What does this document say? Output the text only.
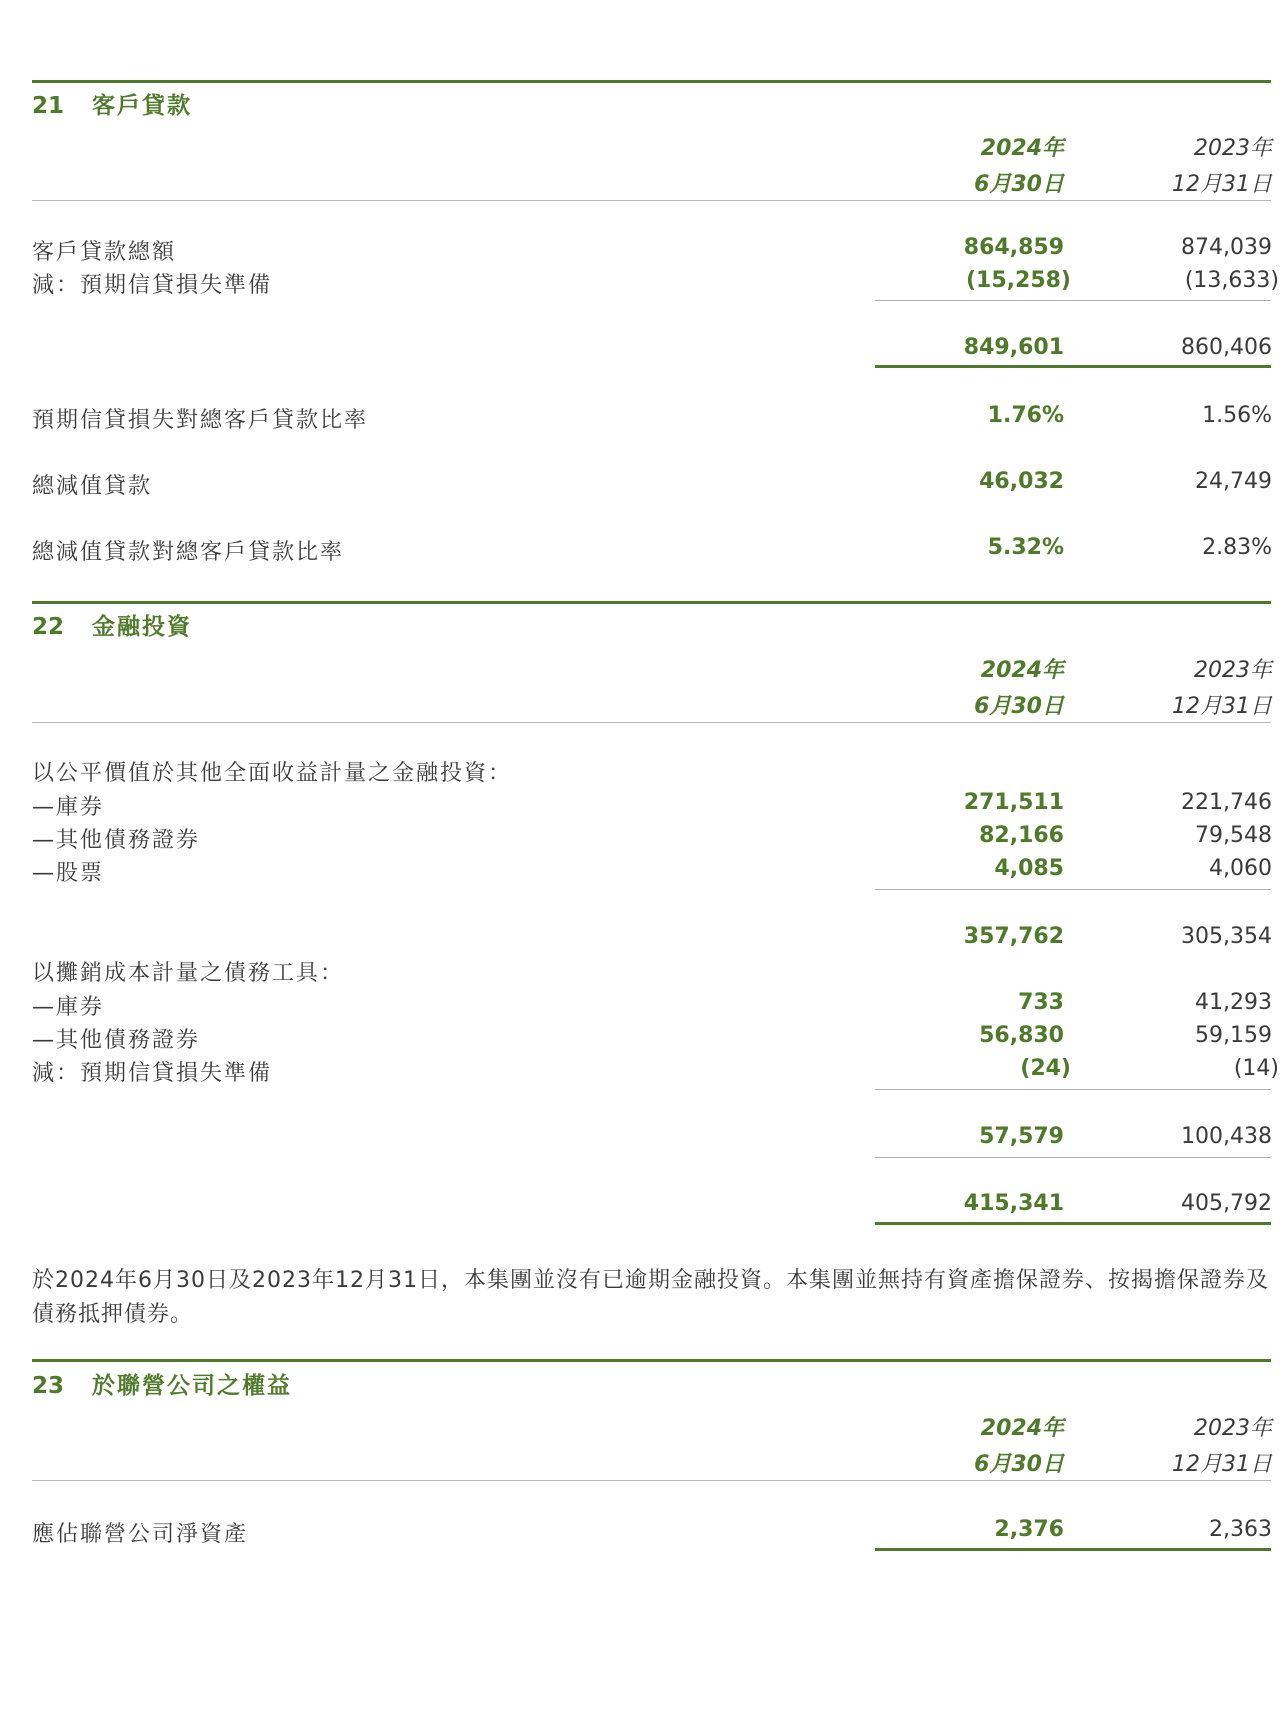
21 客戶貸款
2024年	2023年
6月30日	12月31日
客戶貸款總額	864,859	874,039
減：預期信貸損失準備	(15,258)	(13,633)
849,601	860,406
預期信貸損失對總客戶貸款比率	1.76%	1.56%
總減值貸款	46,032	24,749
總減值貸款對總客戶貸款比率	5.32%	2.83%
22 金融投資
2024年	2023年
6月30日	12月31日
以公平價值於其他全面收益計量之金融投資：
—庫券	271,511	221,746
—其他債務證券	82,166	79,548
—股票	4,085	4,060
357,762	305,354
以攤銷成本計量之債務工具：
—庫券	733	41,293
—其他債務證券	56,830	59,159
減：預期信貸損失準備	(24)	(14)
57,579	100,438
415,341	405,792
於2024年6月30日及2023年12月31日，本集團並沒有已逾期金融投資。本集團並無持有資產擔保證券、按揭擔保證券及債務抵押債券。
23 於聯營公司之權益
2024年	2023年
6月30日	12月31日
應佔聯營公司淨資產	2,376	2,363
